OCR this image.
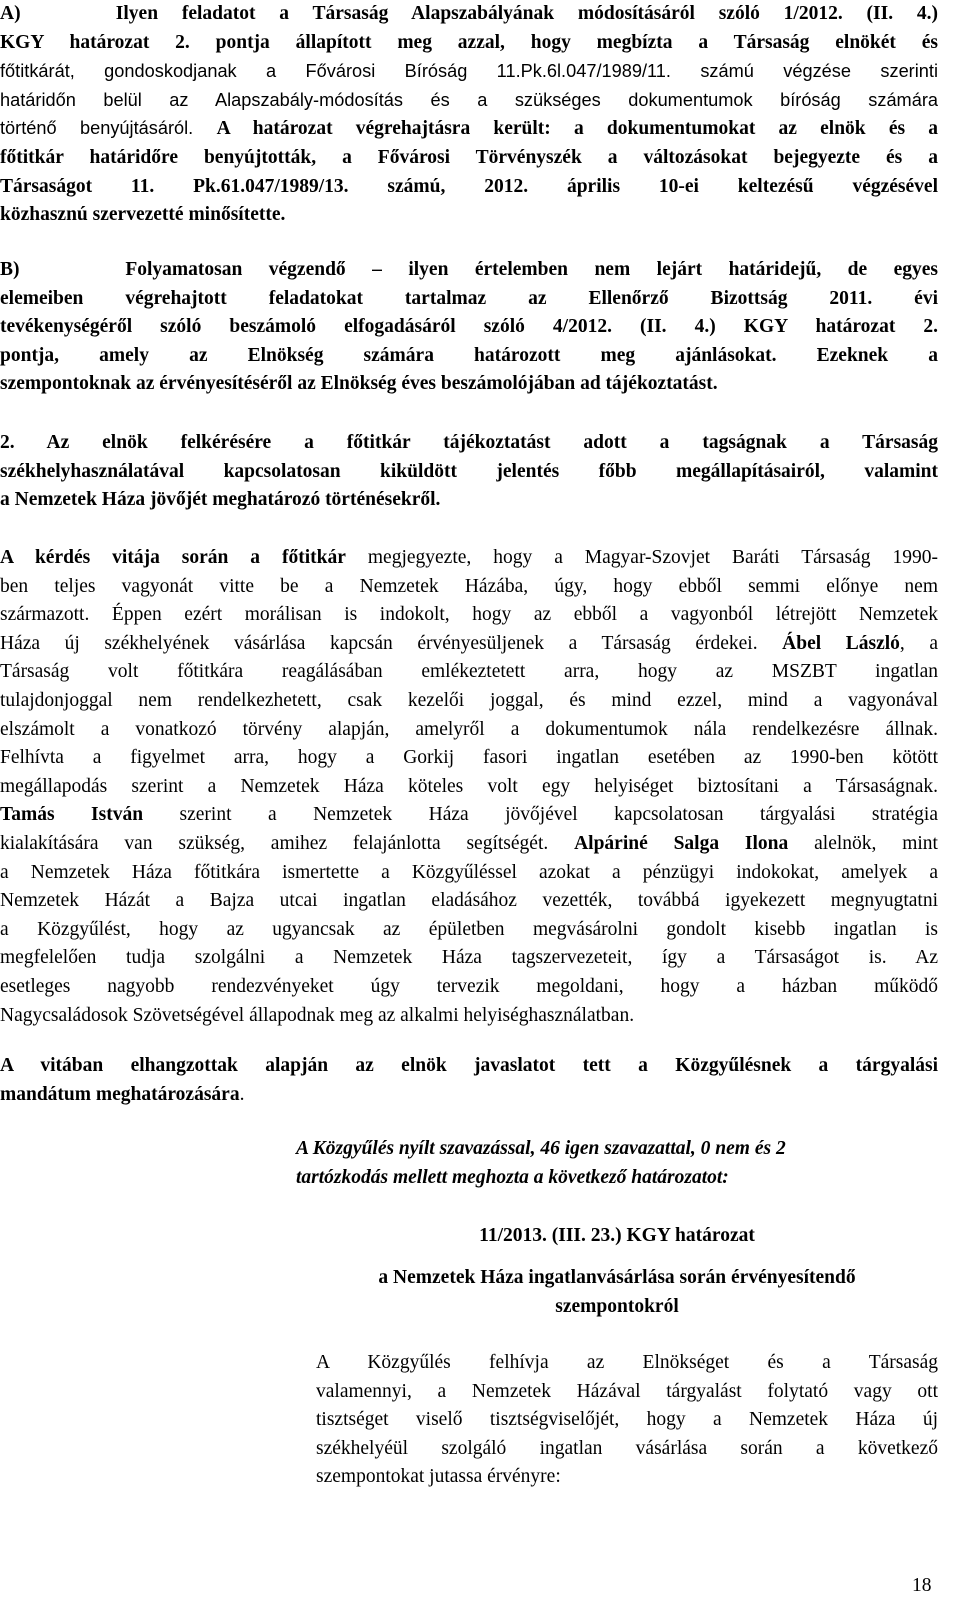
A)    Ilyen feladatot a Társaság Alapszabályának módosításáról szóló 1/2012. (II. 4.)
KGY határozat 2. pontja állapított meg azzal, hogy megbízta a Társaság elnökét és
főtitkárát, gondoskodjanak a Fővárosi Bíróság 11.Pk.6l.047/1989/11. számú végzése szerinti
határidőn belül az Alapszabály-módosítás és a szükséges dokumentumok bíróság számára
történő benyújtásáról. A határozat végrehajtásra került: a dokumentumokat az elnök és a
főtitkár határidőre benyújtották, a Fővárosi Törvényszék a változásokat bejegyezte és a
Társaságot 11. Pk.61.047/1989/13. számú, 2012. április 10-ei keltezésű végzésével
közhasznú szervezetté minősítette.
B)    Folyamatosan végzendő – ilyen értelemben nem lejárt határidejű, de egyes
elemeiben végrehajtott feladatokat tartalmaz az Ellenőrző Bizottság 2011. évi
tevékenységéről szóló beszámoló elfogadásáról szóló 4/2012. (II. 4.) KGY határozat 2.
pontja, amely az Elnökség számára határozott meg ajánlásokat. Ezeknek a
szempontoknak az érvényesítéséről az Elnökség éves beszámolójában ad tájékoztatást.
2. Az elnök felkérésére a főtitkár tájékoztatást adott a tagságnak a Társaság
székhelyhasználatával kapcsolatosan kiküldött jelentés főbb megállapításairól, valamint
a Nemzetek Háza jövőjét meghatározó történésekről.
A kérdés vitája során a főtitkár megjegyezte, hogy a Magyar-Szovjet Baráti Társaság 1990-
ben teljes vagyonát vitte be a Nemzetek Házába, úgy, hogy ebből semmi előnye nem
származott. Éppen ezért morálisan is indokolt, hogy az ebből a vagyonból létrejött Nemzetek
Háza új székhelyének vásárlása kapcsán érvényesüljenek a Társaság érdekei. Ábel László, a
Társaság volt főtitkára reagálásában emlékeztetett arra, hogy az MSZBT ingatlan
tulajdonjoggal nem rendelkezhetett, csak kezelői joggal, és mind ezzel, mind a vagyonával
elszámolt a vonatkozó törvény alapján, amelyről a dokumentumok nála rendelkezésre állnak.
Felhívta a figyelmet arra, hogy a Gorkij fasori ingatlan esetében az 1990-ben kötött
megállapodás szerint a Nemzetek Háza köteles volt egy helyiséget biztosítani a Társaságnak.
Tamás István szerint a Nemzetek Háza jövőjével kapcsolatosan tárgyalási stratégia
kialakítására van szükség, amihez felajánlotta segítségét. Alpáriné Salga Ilona alelnök, mint
a Nemzetek Háza főtitkára ismertette a Közgyűléssel azokat a pénzügyi indokokat, amelyek a
Nemzetek Házát a Bajza utcai ingatlan eladásához vezették, továbbá igyekezett megnyugtatni
a Közgyűlést, hogy az ugyancsak az épületben megvásárolni gondolt kisebb ingatlan is
megfelelően tudja szolgálni a Nemzetek Háza tagszervezeteit, így a Társaságot is. Az
esetleges nagyobb rendezvényeket úgy tervezik megoldani, hogy a házban működő
Nagycsaládosok Szövetségével állapodnak meg az alkalmi helyiséghasználatban.
A vitában elhangzottak alapján az elnök javaslatot tett a Közgyűlésnek a tárgyalási
mandátum meghatározására.
A Közgyűlés nyílt szavazással, 46 igen szavazattal, 0 nem és 2
tartózkodás mellett meghozta a következő határozatot:
11/2013. (III. 23.) KGY határozat
a Nemzetek Háza ingatlanvásárlása során érvényesítendő
szempontokról
A Közgyűlés felhívja az Elnökséget és a Társaság
valamennyi, a Nemzetek Házával tárgyalást folytató vagy ott
tisztséget viselő tisztségviselőjét, hogy a Nemzetek Háza új
székhelyéül szolgáló ingatlan vásárlása során a következő
szempontokat jutassa érvényre:
18
